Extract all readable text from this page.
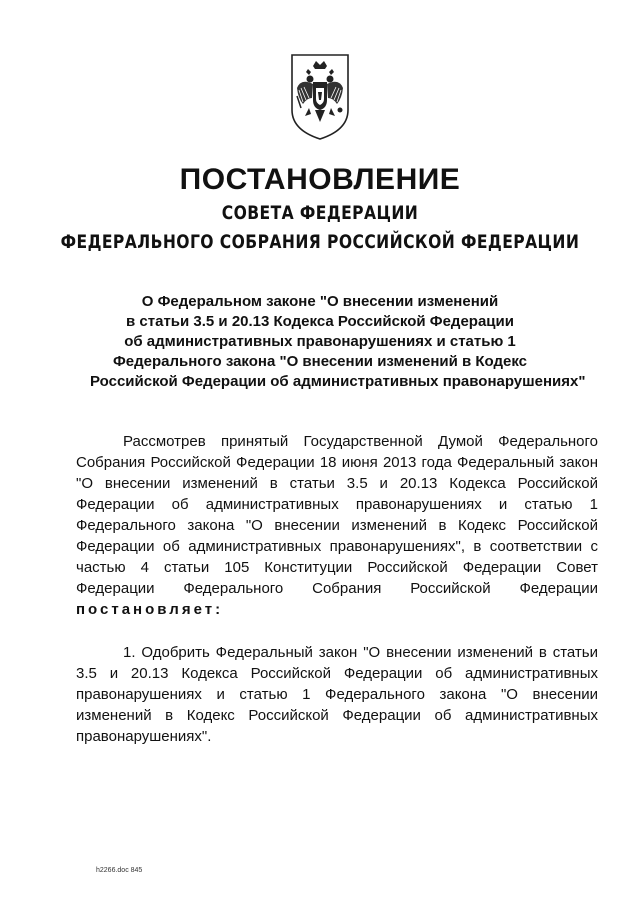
ПОСТАНОВЛЕНИЕ
СОВЕТА ФЕДЕРАЦИИ
ФЕДЕРАЛЬНОГО СОБРАНИЯ РОССИЙСКОЙ ФЕДЕРАЦИИ
О Федеральном законе "О внесении изменений
в статьи 3.5 и 20.13 Кодекса Российской Федерации
об административных правонарушениях и статью 1
Федерального закона "О внесении изменений в Кодекс
Российской Федерации об административных правонарушениях"

Рассмотрев принятый Государственной Думой Федерального Собрания Российской Федерации 18 июня 2013 года Федеральный закон "О внесении изменений в статьи 3.5 и 20.13 Кодекса Российской Федерации об административных правонарушениях и статью 1 Федерального закона "О внесении изменений в Кодекс Российской Федерации об административных правонарушениях", в соответствии с частью 4 статьи 105 Конституции Российской Федерации Совет Федерации Федерального Собрания Российской Федерации постановляет:

1. Одобрить Федеральный закон "О внесении изменений в статьи 3.5 и 20.13 Кодекса Российской Федерации об административных правонарушениях и статью 1 Федерального закона "О внесении изменений в Кодекс Российской Федерации об административных правонарушениях".

h2266.doc 845
